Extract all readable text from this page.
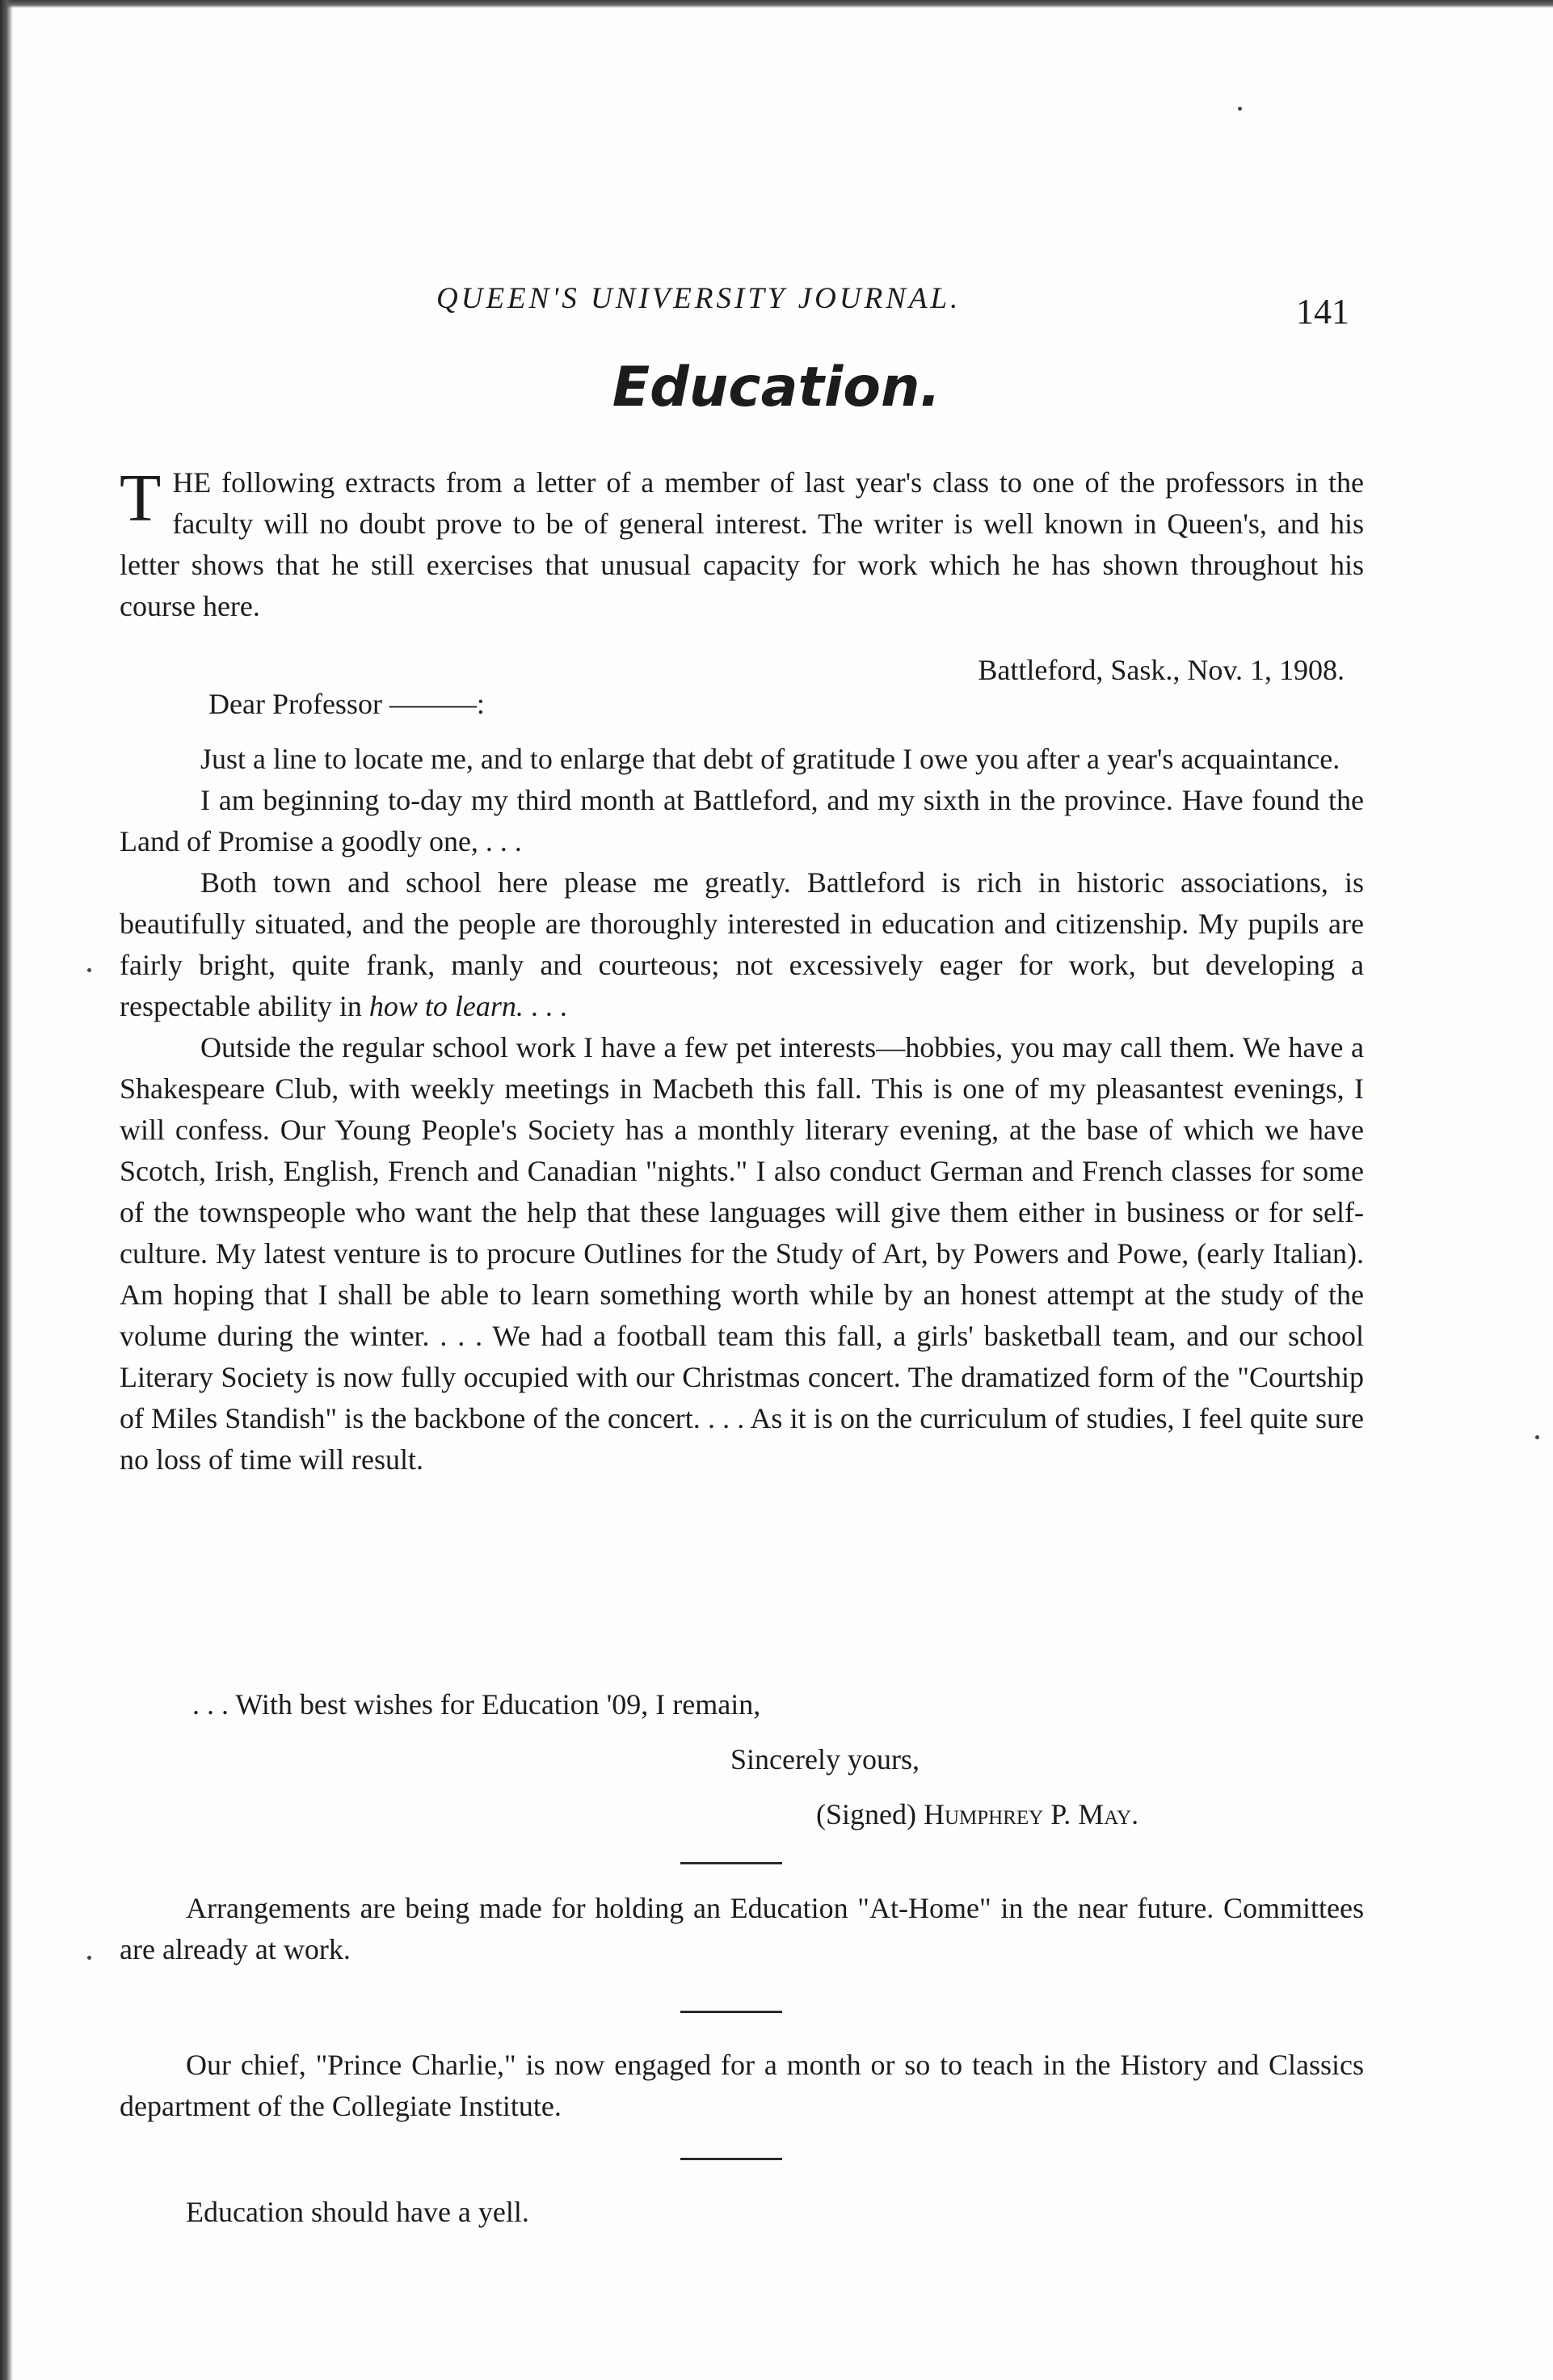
QUEEN'S UNIVERSITY JOURNAL.	141
Education.

THE following extracts from a letter of a member of last year's class to one of the professors in the faculty will no doubt prove to be of general interest. The writer is well known in Queen's, and his letter shows that he still exercises that unusual capacity for work which he has shown throughout his course here.

Battleford, Sask., Nov. 1, 1908.
Dear Professor ———:

Just a line to locate me, and to enlarge that debt of gratitude I owe you after a year's acquaintance.

I am beginning to-day my third month at Battleford, and my sixth in the province. Have found the Land of Promise a goodly one, . . .

Both town and school here please me greatly. Battleford is rich in historic associations, is beautifully situated, and the people are thoroughly interested in education and citizenship. My pupils are fairly bright, quite frank, manly and courteous; not excessively eager for work, but developing a respectable ability in how to learn. . . .

Outside the regular school work I have a few pet interests—hobbies, you may call them. We have a Shakespeare Club, with weekly meetings in Macbeth this fall. This is one of my pleasantest evenings, I will confess. Our Young People's Society has a monthly literary evening, at the base of which we have Scotch, Irish, English, French and Canadian "nights." I also conduct German and French classes for some of the townspeople who want the help that these languages will give them either in business or for self-culture. My latest venture is to procure Outlines for the Study of Art, by Powers and Powe, (early Italian). Am hoping that I shall be able to learn something worth while by an honest attempt at the study of the volume during the winter. . . . We had a football team this fall, a girls' basketball team, and our school Literary Society is now fully occupied with our Christmas concert. The dramatized form of the "Courtship of Miles Standish" is the backbone of the concert. . . . As it is on the curriculum of studies, I feel quite sure no loss of time will result.

. . . With best wishes for Education '09, I remain,
Sincerely yours,
(Signed) Humphrey P. May.

Arrangements are being made for holding an Education "At-Home" in the near future. Committees are already at work.

Our chief, "Prince Charlie," is now engaged for a month or so to teach in the History and Classics department of the Collegiate Institute.

Education should have a yell.
